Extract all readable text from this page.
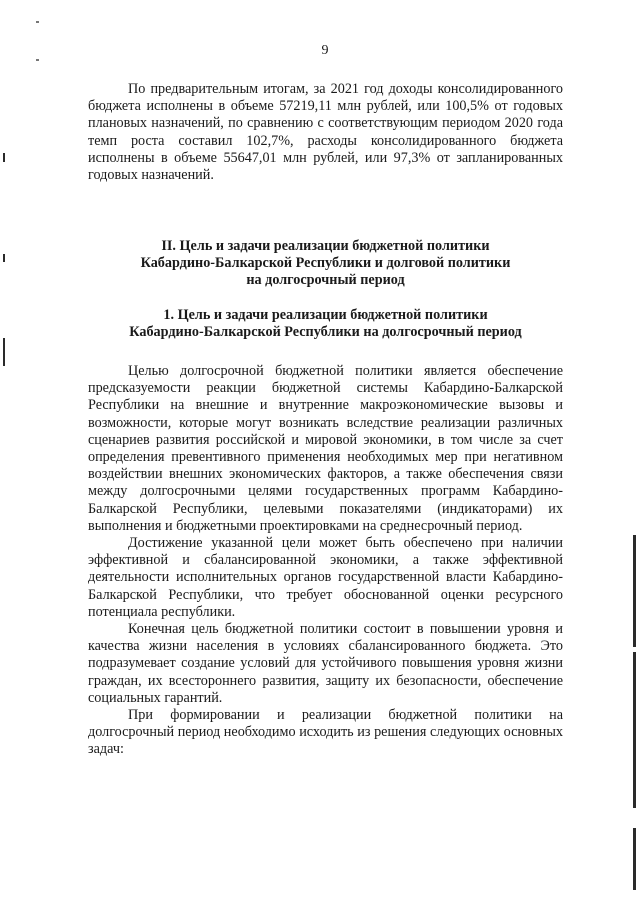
9

По предварительным итогам, за 2021 год доходы консолидированного бюджета исполнены в объеме 57219,11 млн рублей, или 100,5% от годовых плановых назначений, по сравнению с соответствующим периодом 2020 года темп роста составил 102,7%, расходы консолидированного бюджета исполнены в объеме 55647,01 млн рублей, или 97,3% от запланированных годовых назначений.

II. Цель и задачи реализации бюджетной политики
Кабардино-Балкарской Республики и долговой политики
на долгосрочный период
1. Цель и задачи реализации бюджетной политики
Кабардино-Балкарской Республики на долгосрочный период

Целью долгосрочной бюджетной политики является обеспечение предсказуемости реакции бюджетной системы Кабардино-Балкарской Республики на внешние и внутренние макроэкономические вызовы и возможности, которые могут возникать вследствие реализации различных сценариев развития российской и мировой экономики, в том числе за счет определения превентивного применения необходимых мер при негативном воздействии внешних экономических факторов, а также обеспечения связи между долгосрочными целями государственных программ Кабардино-Балкарской Республики, целевыми показателями (индикаторами) их выполнения и бюджетными проектировками на среднесрочный период.

Достижение указанной цели может быть обеспечено при наличии эффективной и сбалансированной экономики, а также эффективной деятельности исполнительных органов государственной власти Кабардино-Балкарской Республики, что требует обоснованной оценки ресурсного потенциала республики.

Конечная цель бюджетной политики состоит в повышении уровня и качества жизни населения в условиях сбалансированного бюджета. Это подразумевает создание условий для устойчивого повышения уровня жизни граждан, их всестороннего развития, защиту их безопасности, обеспечение социальных гарантий.

При формировании и реализации бюджетной политики на долгосрочный период необходимо исходить из решения следующих основных задач:
